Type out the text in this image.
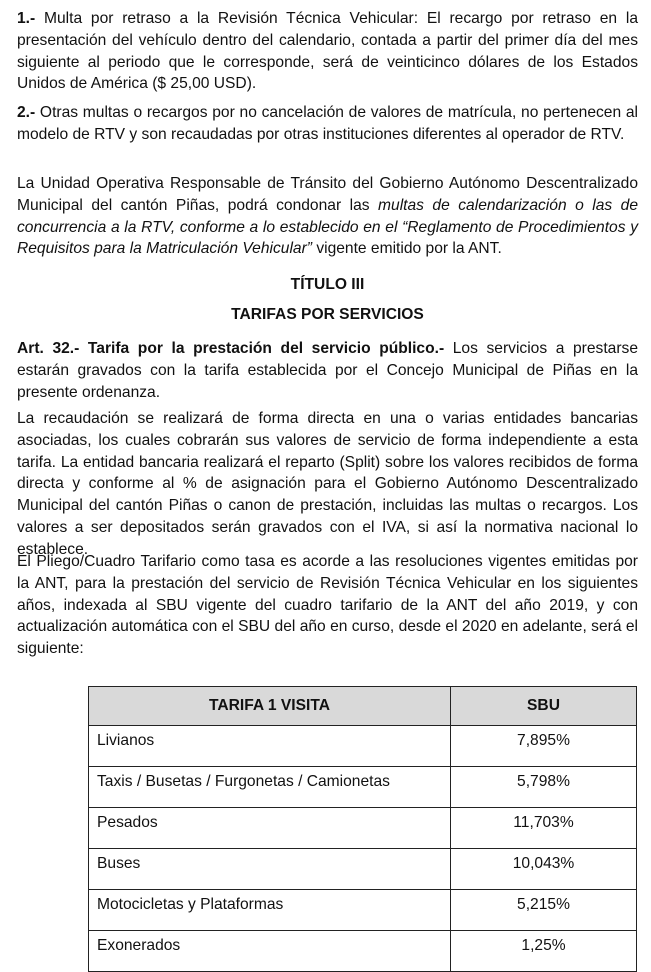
1.- Multa por retraso a la Revisión Técnica Vehicular: El recargo por retraso en la presentación del vehículo dentro del calendario, contada a partir del primer día del mes siguiente al periodo que le corresponde, será de veinticinco dólares de los Estados Unidos de América ($ 25,00 USD).

2.- Otras multas o recargos por no cancelación de valores de matrícula, no pertenecen al modelo de RTV y son recaudadas por otras instituciones diferentes al operador de RTV.

La Unidad Operativa Responsable de Tránsito del Gobierno Autónomo Descentralizado Municipal del cantón Piñas, podrá condonar las multas de calendarización o las de concurrencia a la RTV, conforme a lo establecido en el “Reglamento de Procedimientos y Requisitos para la Matriculación Vehicular” vigente emitido por la ANT.

TÍTULO III

TARIFAS POR SERVICIOS

Art. 32.- Tarifa por la prestación del servicio público.- Los servicios a prestarse estarán gravados con la tarifa establecida por el Concejo Municipal de Piñas en la presente ordenanza.

La recaudación se realizará de forma directa en una o varias entidades bancarias asociadas, los cuales cobrarán sus valores de servicio de forma independiente a esta tarifa. La entidad bancaria realizará el reparto (Split) sobre los valores recibidos de forma directa y conforme al % de asignación para el Gobierno Autónomo Descentralizado Municipal del cantón Piñas o canon de prestación, incluidas las multas o recargos. Los valores a ser depositados serán gravados con el IVA, si así la normativa nacional lo establece.

El Pliego/Cuadro Tarifario como tasa es acorde a las resoluciones vigentes emitidas por la ANT, para la prestación del servicio de Revisión Técnica Vehicular en los siguientes años, indexada al SBU vigente del cuadro tarifario de la ANT del año 2019, y con actualización automática con el SBU del año en curso, desde el 2020 en adelante, será el siguiente:

TARIFA 1 VISITA	SBU
Livianos	7,895%
Taxis / Busetas / Furgonetas / Camionetas	5,798%
Pesados	11,703%
Buses	10,043%
Motocicletas y Plataformas	5,215%
Exonerados	1,25%
